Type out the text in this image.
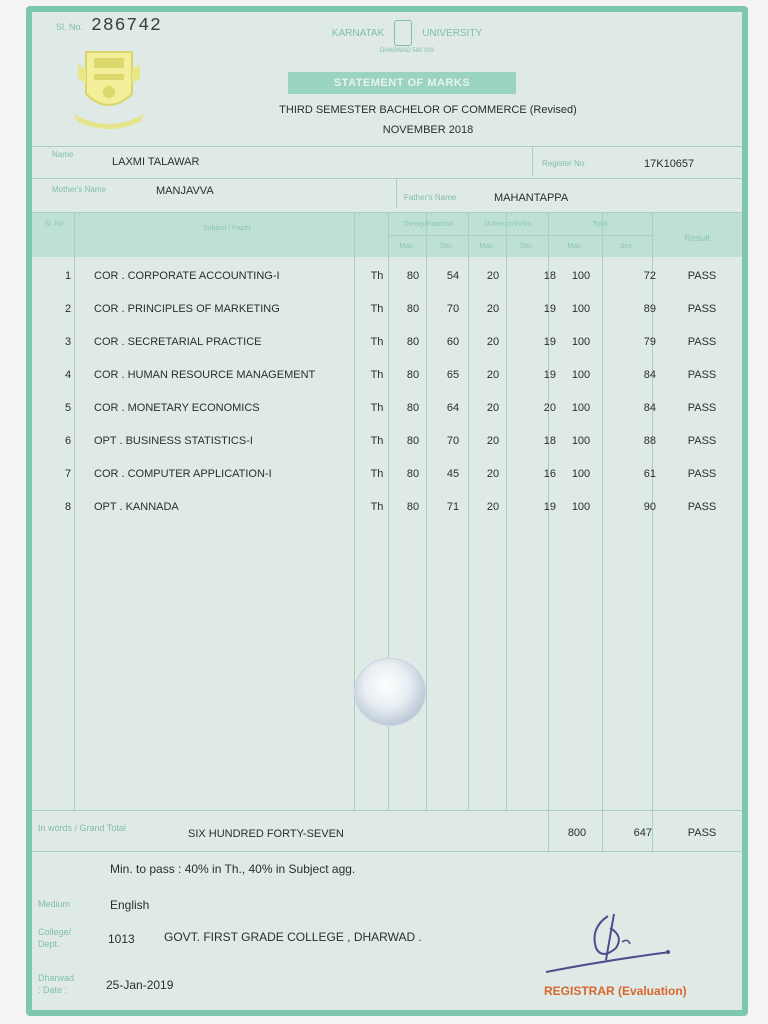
Sl. No. 286742	KARNATAK	UNIVERSITY
DHARWAD 580 003
STATEMENT OF MARKS
THIRD SEMESTER BACHELOR OF COMMERCE (Revised)
NOVEMBER 2018
Name
LAXMI TALAWAR	Register No.	17K10657
Mother's Name	MANJAVVA
Father's Name	MAHANTAPPA
Sl. No.
Subject / Paper
Theory/Practical	IA/Record/Viva	Total
Max.	Sec.	Max.	Sec.	Max.	Sec.
Result
1	COR . CORPORATE ACCOUNTING-I	Th	80	54	20	18	100	72	PASS
2	COR . PRINCIPLES OF MARKETING	Th	80	70	20	19	100	89	PASS
3	COR . SECRETARIAL PRACTICE	Th	80	60	20	19	100	79	PASS
4	COR . HUMAN RESOURCE MANAGEMENT	Th	80	65	20	19	100	84	PASS
5	COR . MONETARY ECONOMICS	Th	80	64	20	20	100	84	PASS
6	OPT . BUSINESS STATISTICS-I	Th	80	70	20	18	100	88	PASS
7	COR . COMPUTER APPLICATION-I	Th	80	45	20	16	100	61	PASS
8	OPT . KANNADA	Th	80	71	20	19	100	90	PASS
In words / Grand Total	SIX HUNDRED FORTY-SEVEN	800	647	PASS
Min. to pass : 40% in Th., 40% in Subject agg.
Medium	English
College/ Dept.	1013 GOVT. FIRST GRADE COLLEGE , DHARWAD .
Dharwad : Date :	25-Jan-2019	REGISTRAR (Evaluation)
